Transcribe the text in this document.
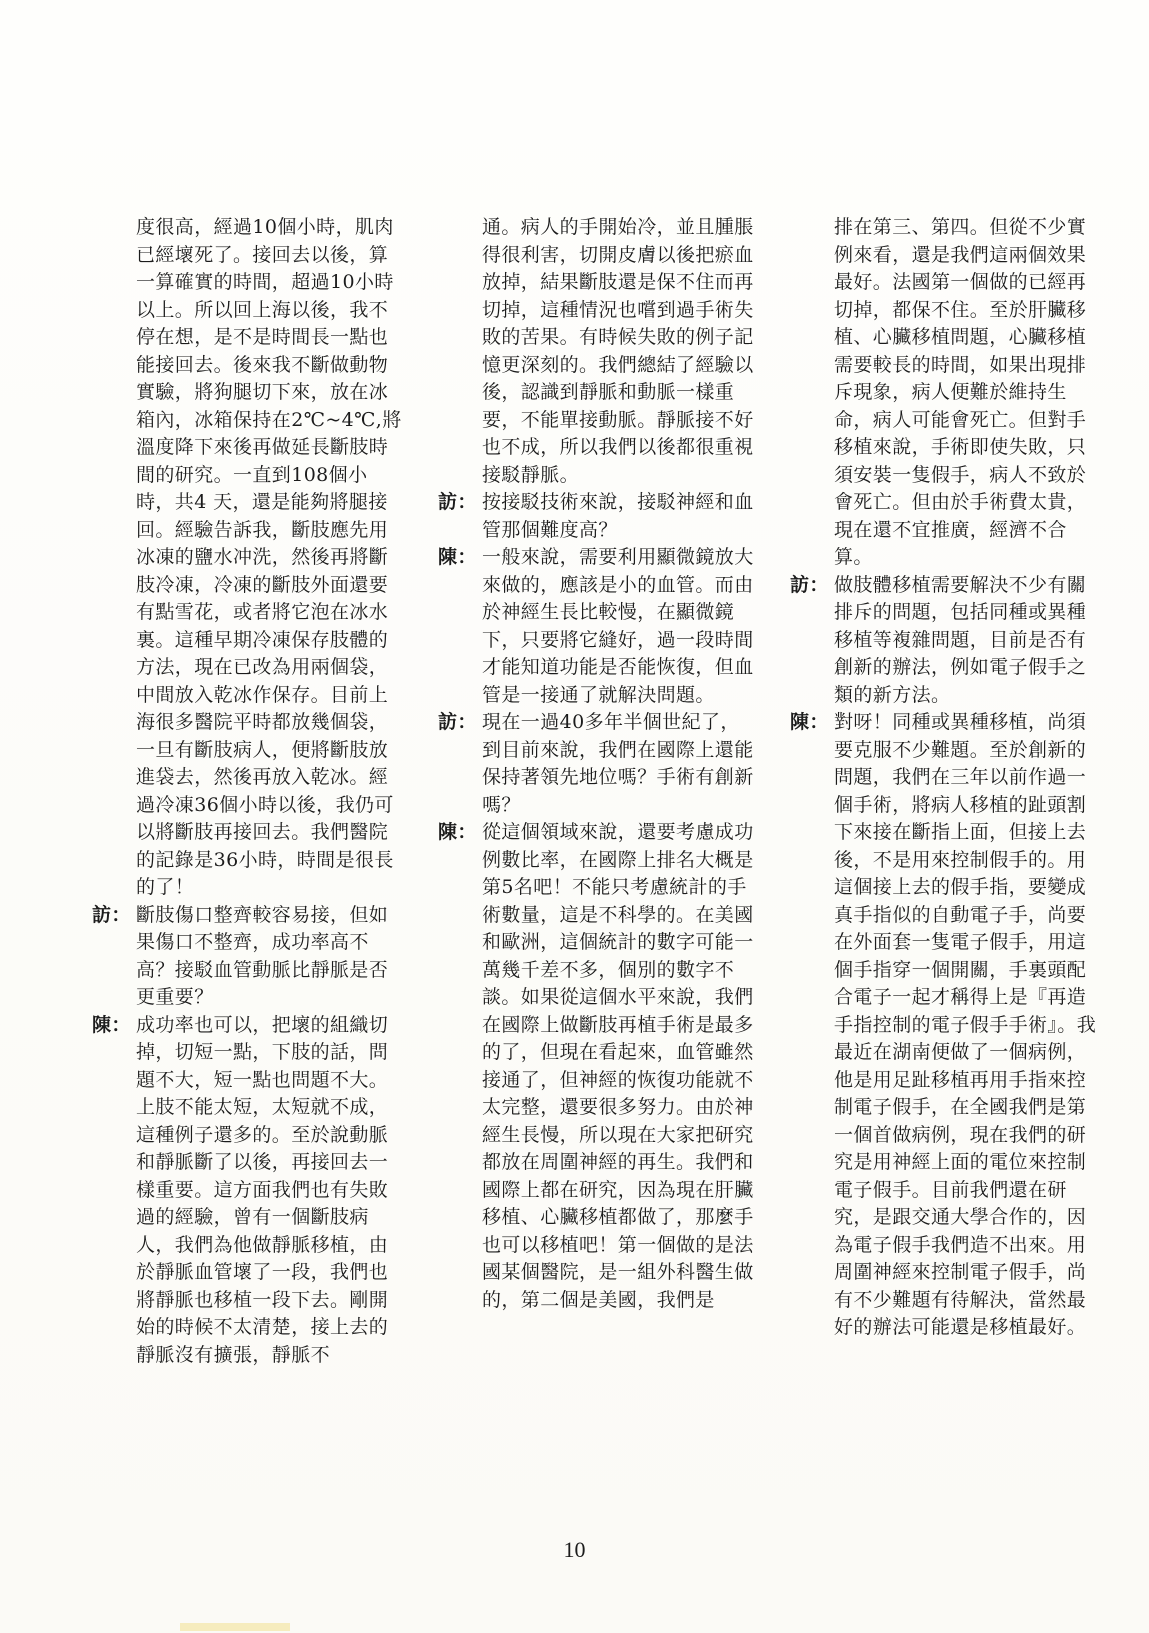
度很高，經過10個小時，肌肉已經壞死了。接回去以後，算一算確實的時間，超過10小時以上。所以回上海以後，我不停在想，是不是時間長一點也能接回去。後來我不斷做動物實驗，將狗腿切下來，放在冰箱內，冰箱保持在2℃~4℃,將溫度降下來後再做延長斷肢時間的研究。一直到108個小時，共4 天，還是能夠將腿接回。經驗告訴我，斷肢應先用冰凍的鹽水冲洗，然後再將斷肢冷凍，冷凍的斷肢外面還要有點雪花，或者將它泡在冰水裏。這種早期冷凍保存肢體的方法，現在已改為用兩個袋，中間放入乾冰作保存。目前上海很多醫院平時都放幾個袋，一旦有斷肢病人，便將斷肢放進袋去，然後再放入乾冰。經過冷凍36個小時以後，我仍可以將斷肢再接回去。我們醫院的記錄是36小時，時間是很長的了！
訪： 斷肢傷口整齊較容易接，但如果傷口不整齊，成功率高不高？接駁血管動脈比靜脈是否更重要？
陳： 成功率也可以，把壞的組織切掉，切短一點，下肢的話，問題不大，短一點也問題不大。上肢不能太短，太短就不成，這種例子還多的。至於說動脈和靜脈斷了以後，再接回去一樣重要。這方面我們也有失敗過的經驗，曾有一個斷肢病人，我們為他做靜脈移植，由於靜脈血管壞了一段，我們也將靜脈也移植一段下去。剛開始的時候不太清楚，接上去的靜脈沒有擴張，靜脈不
通。病人的手開始冷，並且腫脹得很利害，切開皮膚以後把瘀血放掉，結果斷肢還是保不住而再切掉，這種情況也嚐到過手術失敗的苦果。有時候失敗的例子記憶更深刻的。我們總結了經驗以後，認識到靜脈和動脈一樣重要，不能單接動脈。靜脈接不好也不成，所以我們以後都很重視接駁靜脈。
訪： 按接駁技術來說，接駁神經和血管那個難度高？
陳： 一般來說，需要利用顯微鏡放大來做的，應該是小的血管。而由於神經生長比較慢，在顯微鏡下，只要將它縫好，過一段時間才能知道功能是否能恢復，但血管是一接通了就解決問題。
訪： 現在一過40多年半個世紀了，到目前來說，我們在國際上還能保持著領先地位嗎？手術有創新嗎？
陳： 從這個領域來說，還要考慮成功例數比率，在國際上排名大概是第5名吧！不能只考慮統計的手術數量，這是不科學的。在美國和歐洲，這個統計的數字可能一萬幾千差不多，個別的數字不談。如果從這個水平來說，我們在國際上做斷肢再植手術是最多的了，但現在看起來，血管雖然接通了，但神經的恢復功能就不太完整，還要很多努力。由於神經生長慢，所以現在大家把研究都放在周圍神經的再生。我們和國際上都在研究，因為現在肝臟移植、心臟移植都做了，那麼手也可以移植吧！第一個做的是法國某個醫院，是一組外科醫生做的，第二個是美國，我們是
排在第三、第四。但從不少實例來看，還是我們這兩個效果最好。法國第一個做的已經再切掉，都保不住。至於肝臟移植、心臟移植問題，心臟移植需要較長的時間，如果出現排斥現象，病人便難於維持生命，病人可能會死亡。但對手移植來說，手術即使失敗，只須安裝一隻假手，病人不致於會死亡。但由於手術費太貴，現在還不宜推廣，經濟不合算。
訪： 做肢體移植需要解決不少有關排斥的問題，包括同種或異種移植等複雜問題，目前是否有創新的辦法，例如電子假手之類的新方法。
陳： 對呀！同種或異種移植，尚須要克服不少難題。至於創新的問題，我們在三年以前作過一個手術，將病人移植的趾頭割下來接在斷指上面，但接上去後，不是用來控制假手的。用這個接上去的假手指，要變成真手指似的自動電子手，尚要在外面套一隻電子假手，用這個手指穿一個開關，手裏頭配合電子一起才稱得上是『再造手指控制的電子假手手術』。我最近在湖南便做了一個病例，他是用足趾移植再用手指來控制電子假手，在全國我們是第一個首做病例，現在我們的研究是用神經上面的電位來控制電子假手。目前我們還在研究，是跟交通大學合作的，因為電子假手我們造不出來。用周圍神經來控制電子假手，尚有不少難題有待解決，當然最好的辦法可能還是移植最好。
10
